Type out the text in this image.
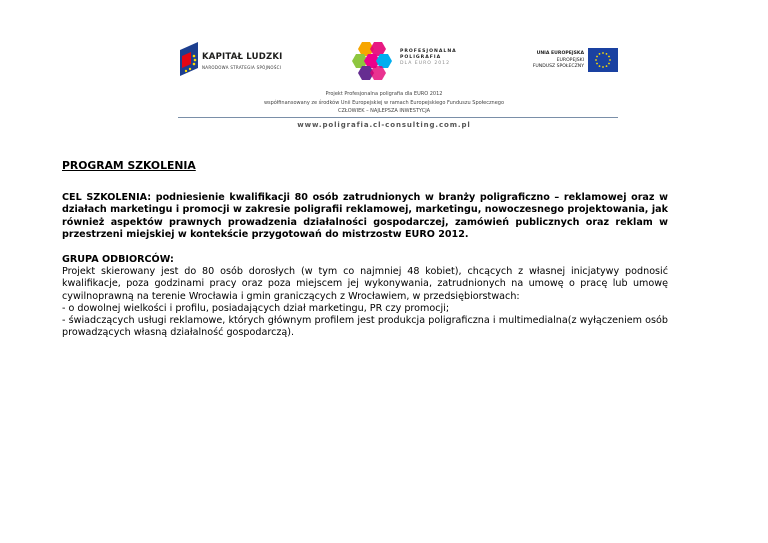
KAPITAŁ LUDZKI
NARODOWA STRATEGIA SPÓJNOŚCI
PROFESJONALNA
POLIGRAFIA
DLA EURO 2012
UNIA EUROPEJSKA
EUROPEJSKI
FUNDUSZ SPOŁECZNY
Projekt Profesjonalna poligrafia dla EURO 2012
współfinansowany ze środków Unii Europejskiej w ramach Europejskiego Funduszu Społecznego
CZŁOWIEK – NAJLEPSZA INWESTYCJA
www.poligrafia.cl-consulting.com.pl

PROGRAM SZKOLENIA

CEL SZKOLENIA: podniesienie kwalifikacji 80 osób zatrudnionych w branży poligraficzno – reklamowej oraz w działach marketingu i promocji w zakresie poligrafii reklamowej, marketingu, nowoczesnego projektowania, jak również aspektów prawnych prowadzenia działalności gospodarczej, zamówień publicznych oraz reklam w przestrzeni miejskiej w kontekście przygotowań do mistrzostw EURO 2012.

GRUPA ODBIORCÓW:

Projekt skierowany jest do 80 osób dorosłych (w tym co najmniej 48 kobiet), chcących z własnej inicjatywy podnosić kwalifikacje, poza godzinami pracy oraz poza miejscem jej wykonywania, zatrudnionych na umowę o pracę lub umowę cywilnoprawną na terenie Wrocławia i gmin graniczących z Wrocławiem, w przedsiębiorstwach:

- o dowolnej wielkości i profilu, posiadających dział marketingu, PR czy promocji;

- świadczących usługi reklamowe, których głównym profilem jest produkcja poligraficzna i multimedialna(z wyłączeniem osób prowadzących własną działalność gospodarczą).
